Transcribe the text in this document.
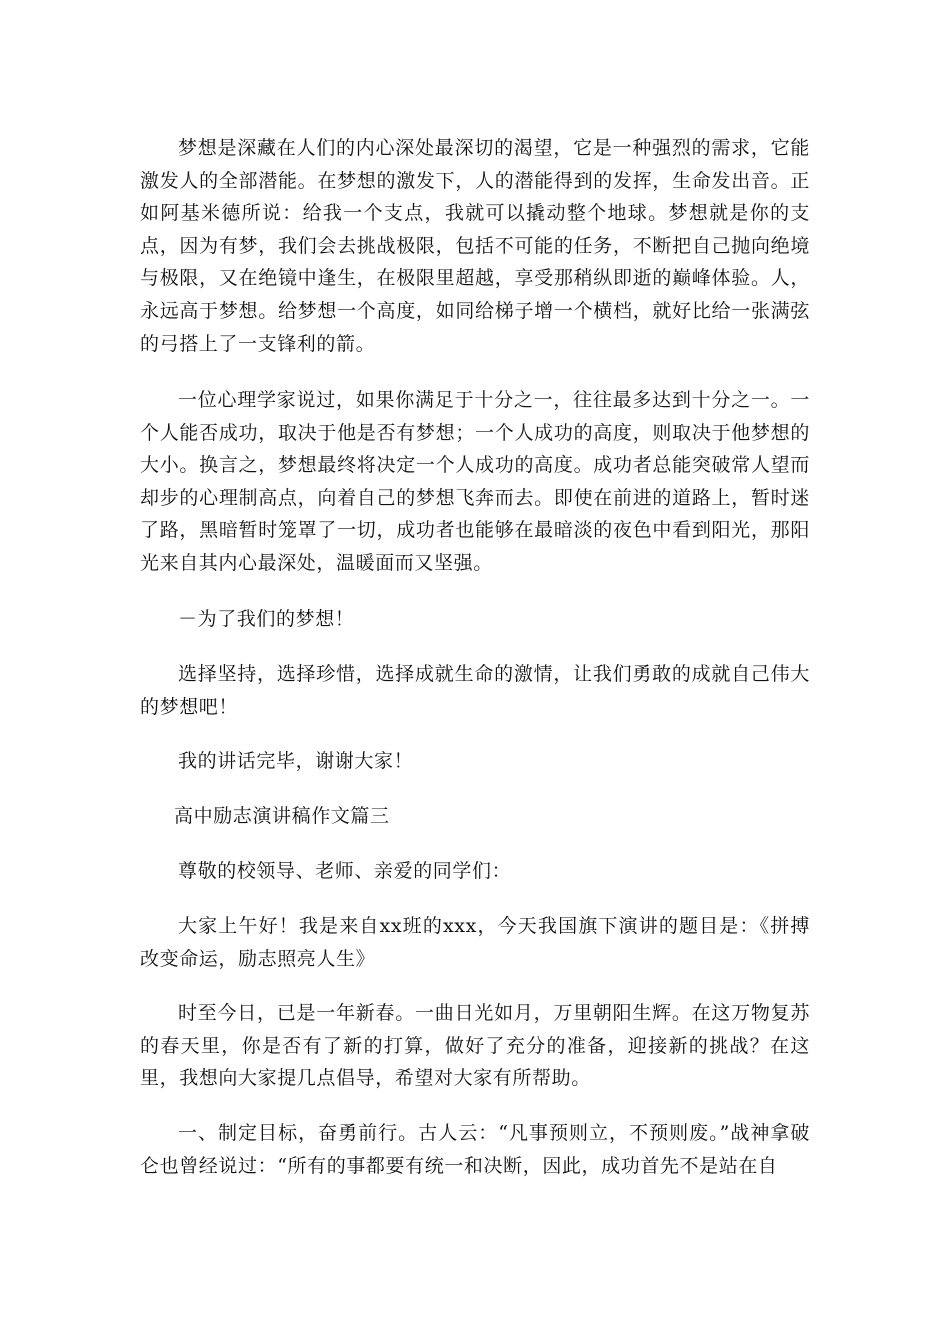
梦想是深藏在人们的内心深处最深切的渴望，它是一种强烈的需求，它能激发人的全部潜能。在梦想的激发下，人的潜能得到的发挥，生命发出音。正如阿基米德所说：给我一个支点，我就可以撬动整个地球。梦想就是你的支点，因为有梦，我们会去挑战极限，包括不可能的任务，不断把自己抛向绝境与极限，又在绝镜中逢生，在极限里超越，享受那稍纵即逝的巅峰体验。人，永远高于梦想。给梦想一个高度，如同给梯子增一个横档，就好比给一张满弦的弓搭上了一支锋利的箭。

一位心理学家说过，如果你满足于十分之一，往往最多达到十分之一。一个人能否成功，取决于他是否有梦想；一个人成功的高度，则取决于他梦想的大小。换言之，梦想最终将决定一个人成功的高度。成功者总能突破常人望而却步的心理制高点，向着自己的梦想飞奔而去。即使在前进的道路上，暂时迷了路，黑暗暂时笼罩了一切，成功者也能够在最暗淡的夜色中看到阳光，那阳光来自其内心最深处，温暖面而又坚强。

－为了我们的梦想！

选择坚持，选择珍惜，选择成就生命的激情，让我们勇敢的成就自己伟大的梦想吧！

我的讲话完毕，谢谢大家！

高中励志演讲稿作文篇三

尊敬的校领导、老师、亲爱的同学们：

大家上午好！我是来自xx班的xxx，今天我国旗下演讲的题目是：《拼搏改变命运，励志照亮人生》

时至今日，已是一年新春。一曲日光如月，万里朝阳生辉。在这万物复苏的春天里，你是否有了新的打算，做好了充分的准备，迎接新的挑战？在这里，我想向大家提几点倡导，希望对大家有所帮助。

一、制定目标，奋勇前行。古人云：“凡事预则立，不预则废。”战神拿破仑也曾经说过：“所有的事都要有统一和决断，因此，成功首先不是站在自
